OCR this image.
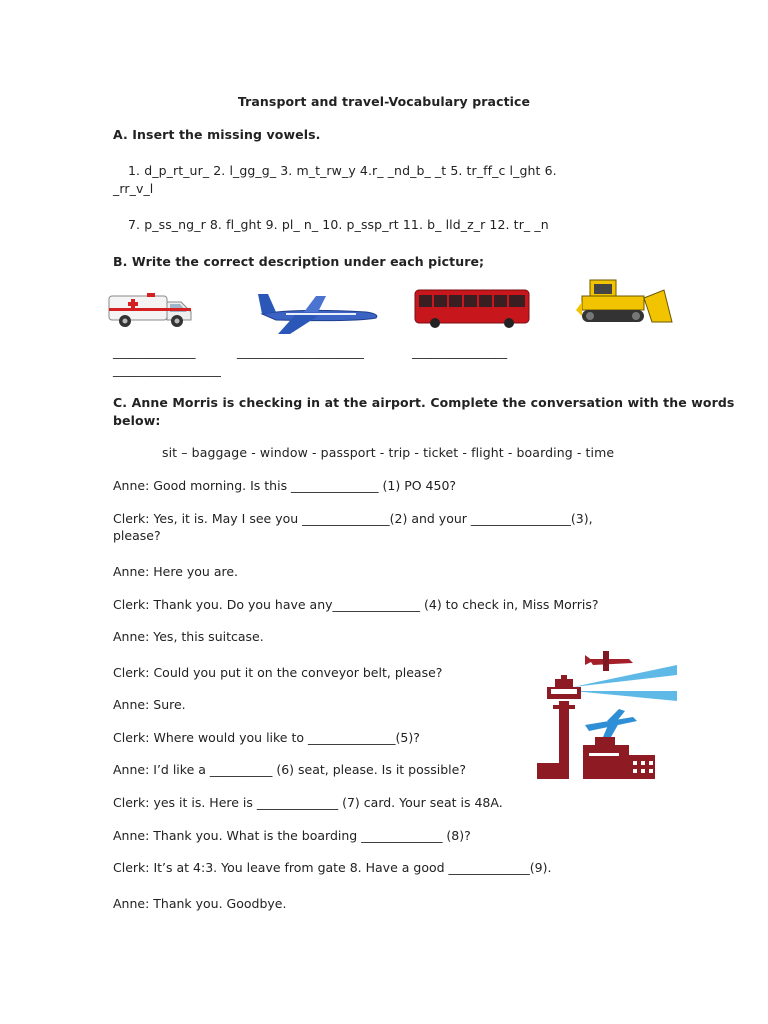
Transport and travel-Vocabulary practice
A. Insert the missing vowels.
1. d_p_rt_ur_ 2. l_gg_g_ 3. m_t_rw_y 4.r_ _nd_b_ _t 5. tr_ff_c l_ght 6.
_rr_v_l
7. p_ss_ng_r 8. fl_ght 9. pl_ n_ 10. p_ssp_rt 11. b_ lld_z_r 12. tr_ _n
B. Write the correct description under each picture;
_____________	____________________	_______________
_________________
C. Anne Morris is checking in at the airport. Complete the conversation with the words
below:
sit – baggage - window - passport - trip - ticket - flight - boarding - time
Anne: Good morning. Is this ______________ (1) PO 450?
Clerk: Yes, it is. May I see you ______________(2) and your ________________(3),
please?
Anne: Here you are.
Clerk: Thank you. Do you have any______________ (4) to check in, Miss Morris?
Anne: Yes, this suitcase.
Clerk: Could you put it on the conveyor belt, please?
Anne: Sure.
Clerk: Where would you like to ______________(5)?
Anne: I’d like a __________ (6) seat, please. Is it possible?
Clerk: yes it is. Here is _____________ (7) card. Your seat is 48A.
Anne: Thank you. What is the boarding _____________ (8)?
Clerk: It’s at 4:3. You leave from gate 8. Have a good _____________(9).
Anne: Thank you. Goodbye.
